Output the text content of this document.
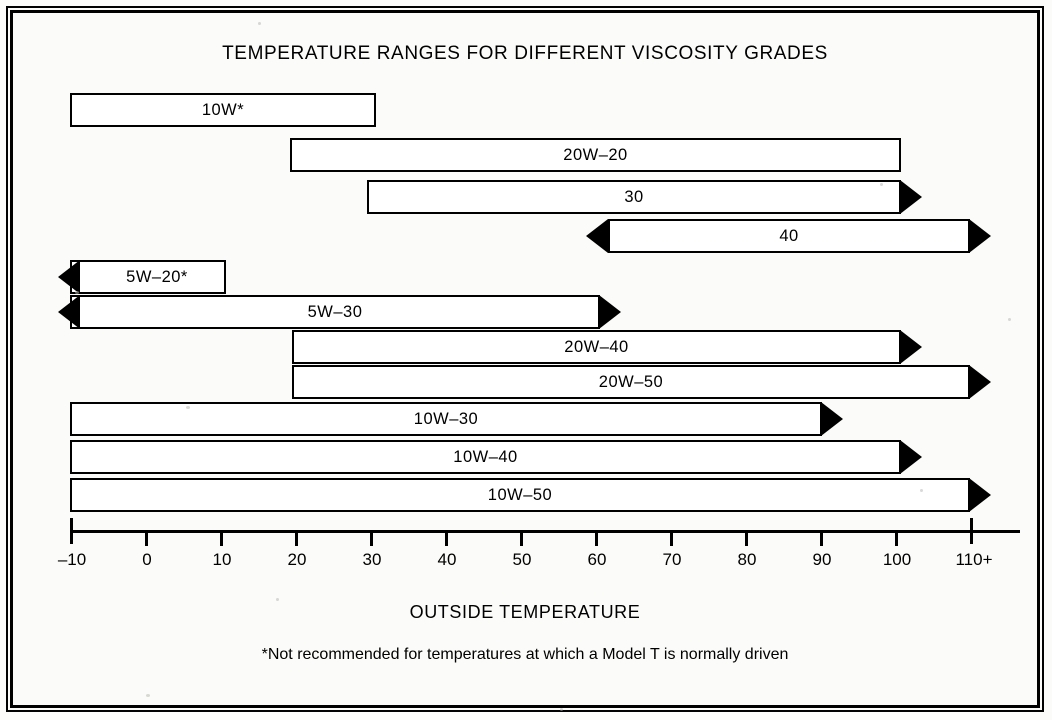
TEMPERATURE RANGES FOR DIFFERENT VISCOSITY GRADES
10W*
20W–20
30
40
5W–20*
5W–30
20W–40
20W–50
10W–30
10W–40
10W–50
–10	0	10	20	30	40	50	60	70	80	90	100	110+
OUTSIDE TEMPERATURE
*Not recommended for temperatures at which a Model T is normally driven
